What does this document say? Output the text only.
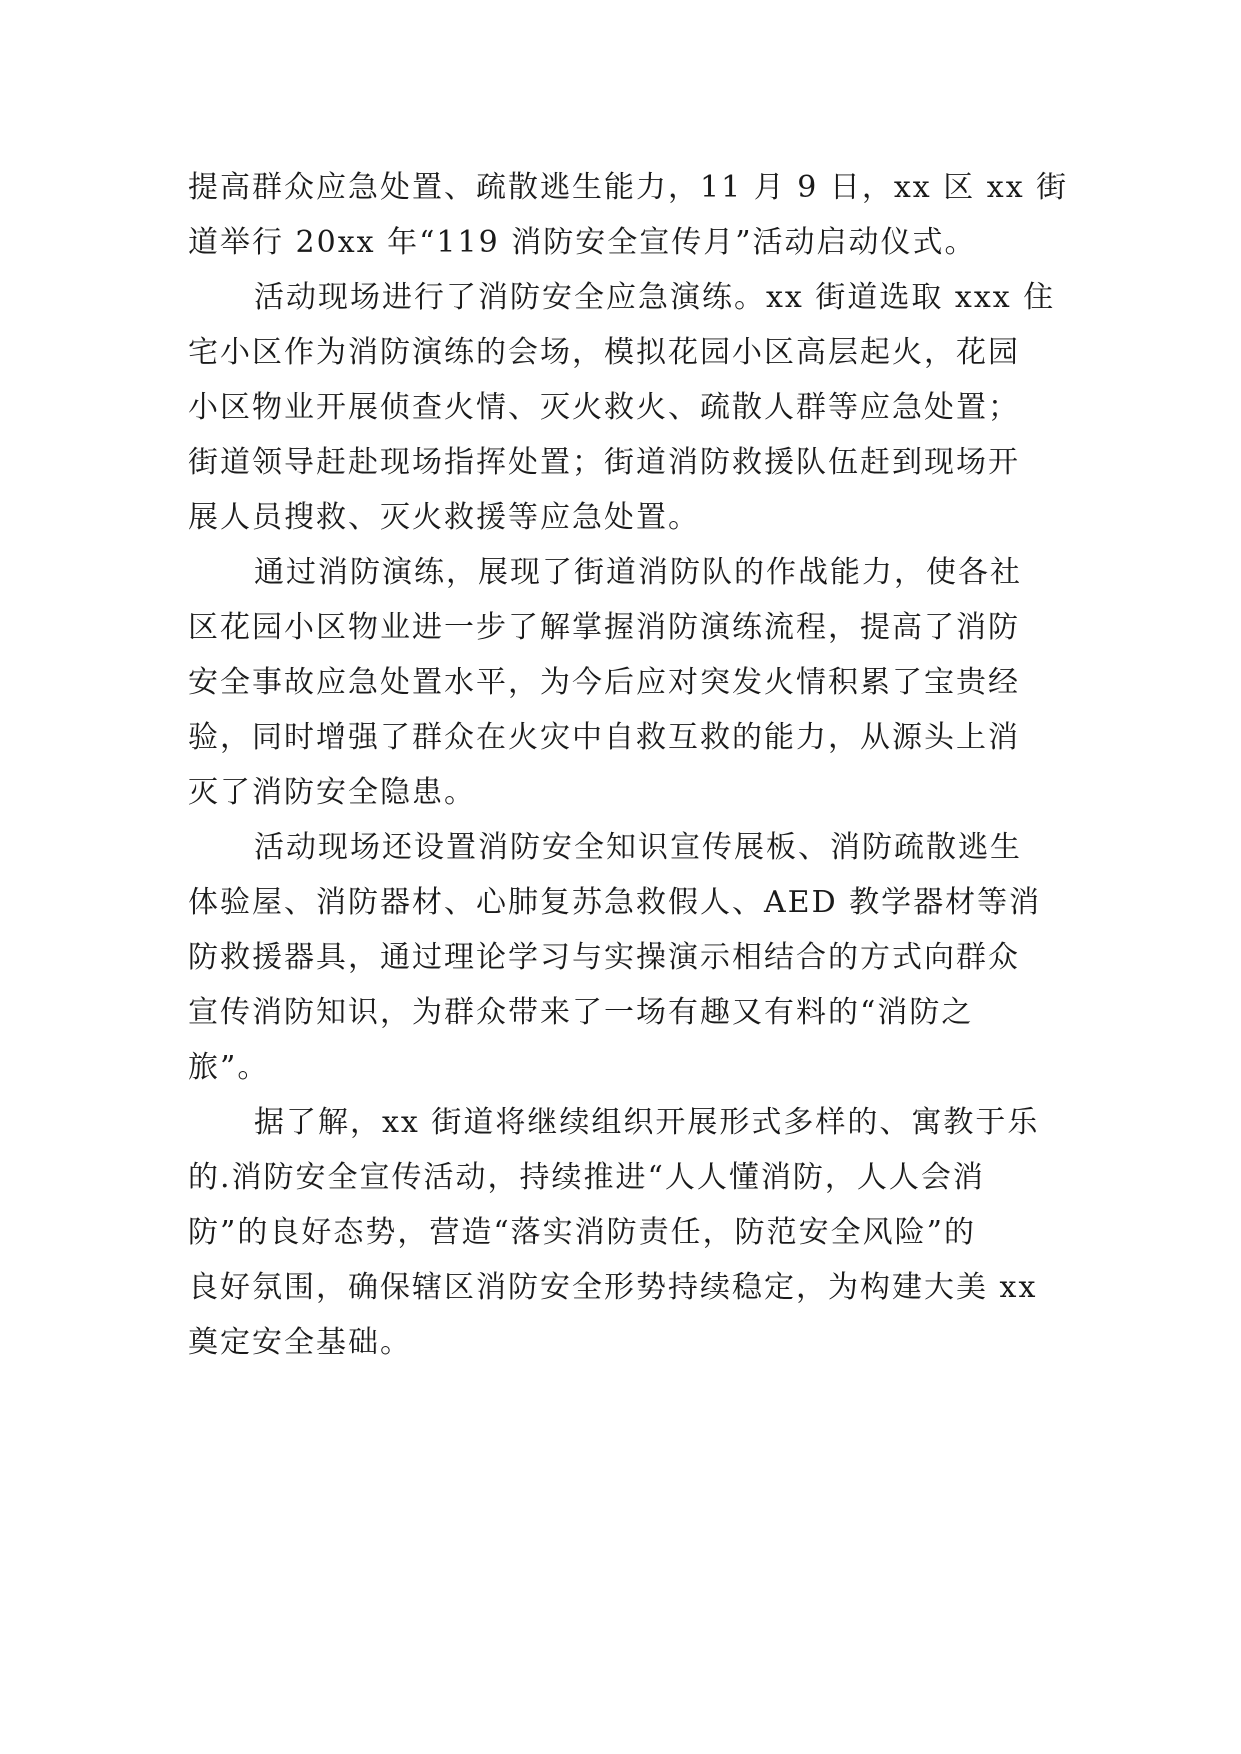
提高群众应急处置、疏散逃生能力，11 月 9 日，xx 区 xx 街
道举行 20xx 年“119 消防安全宣传月”活动启动仪式。
活动现场进行了消防安全应急演练。xx 街道选取 xxx 住
宅小区作为消防演练的会场，模拟花园小区高层起火，花园
小区物业开展侦查火情、灭火救火、疏散人群等应急处置；
街道领导赶赴现场指挥处置；街道消防救援队伍赶到现场开
展人员搜救、灭火救援等应急处置。
通过消防演练，展现了街道消防队的作战能力，使各社
区花园小区物业进一步了解掌握消防演练流程，提高了消防
安全事故应急处置水平，为今后应对突发火情积累了宝贵经
验，同时增强了群众在火灾中自救互救的能力，从源头上消
灭了消防安全隐患。
活动现场还设置消防安全知识宣传展板、消防疏散逃生
体验屋、消防器材、心肺复苏急救假人、AED 教学器材等消
防救援器具，通过理论学习与实操演示相结合的方式向群众
宣传消防知识，为群众带来了一场有趣又有料的“消防之
旅”。
据了解，xx 街道将继续组织开展形式多样的、寓教于乐
的.消防安全宣传活动，持续推进“人人懂消防，人人会消
防”的良好态势，营造“落实消防责任，防范安全风险”的
良好氛围，确保辖区消防安全形势持续稳定，为构建大美 xx
奠定安全基础。
